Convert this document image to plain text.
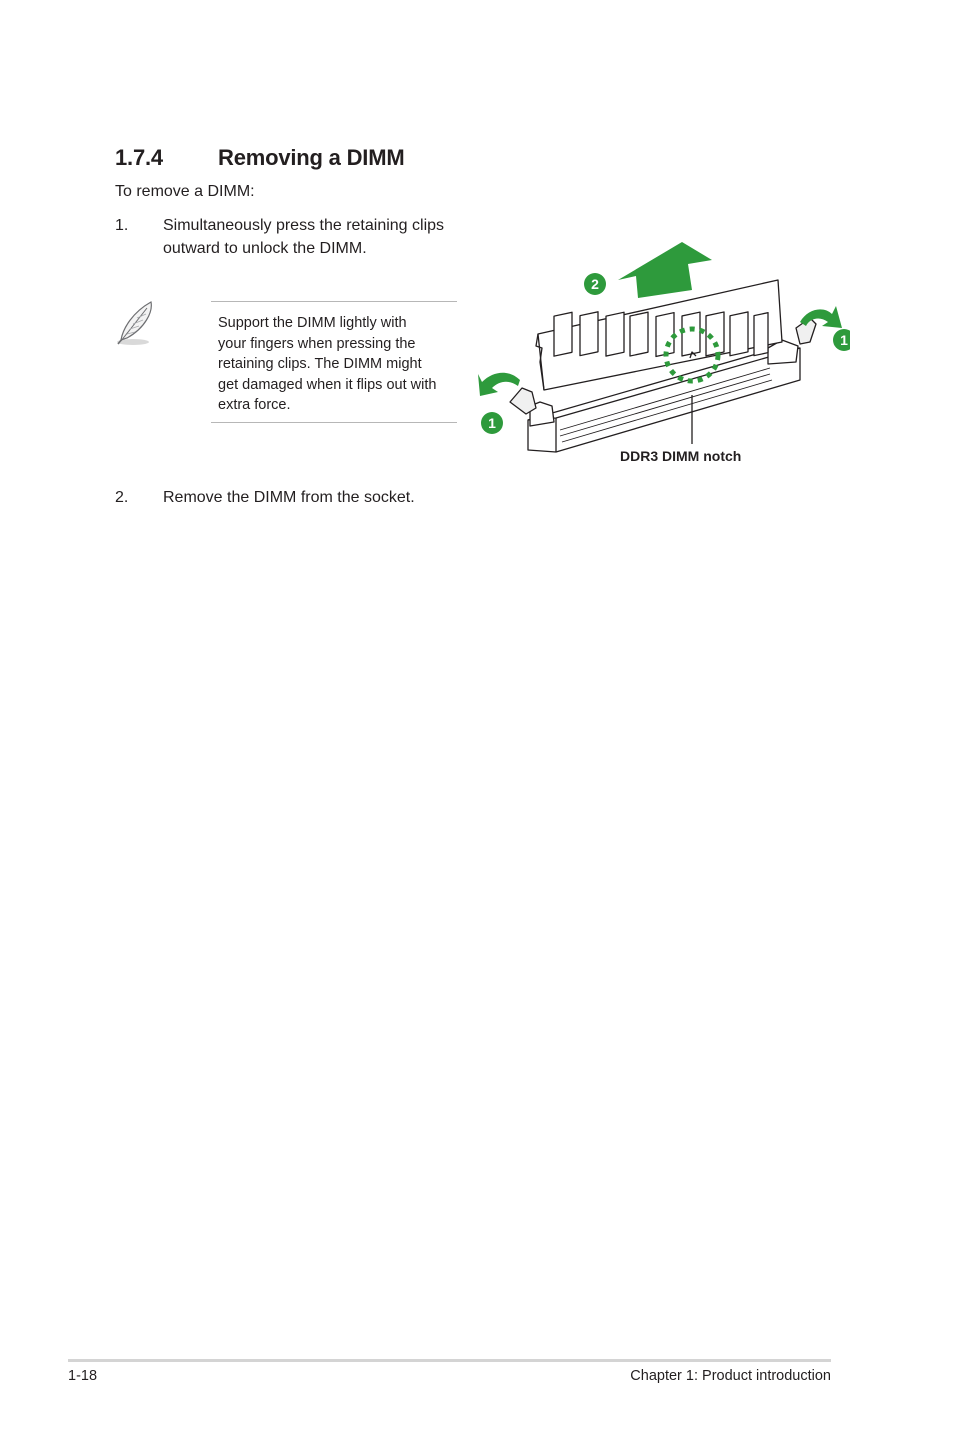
1.7.4	Removing a DIMM
To remove a DIMM:
1. Simultaneously press the retaining clips
outward to unlock the DIMM.
Support the DIMM lightly with
your fingers when pressing the
retaining clips. The DIMM might
get damaged when it flips out with
extra force.
2
1
1
DDR3 DIMM notch
2. Remove the DIMM from the socket.
1-18	Chapter 1: Product introduction
